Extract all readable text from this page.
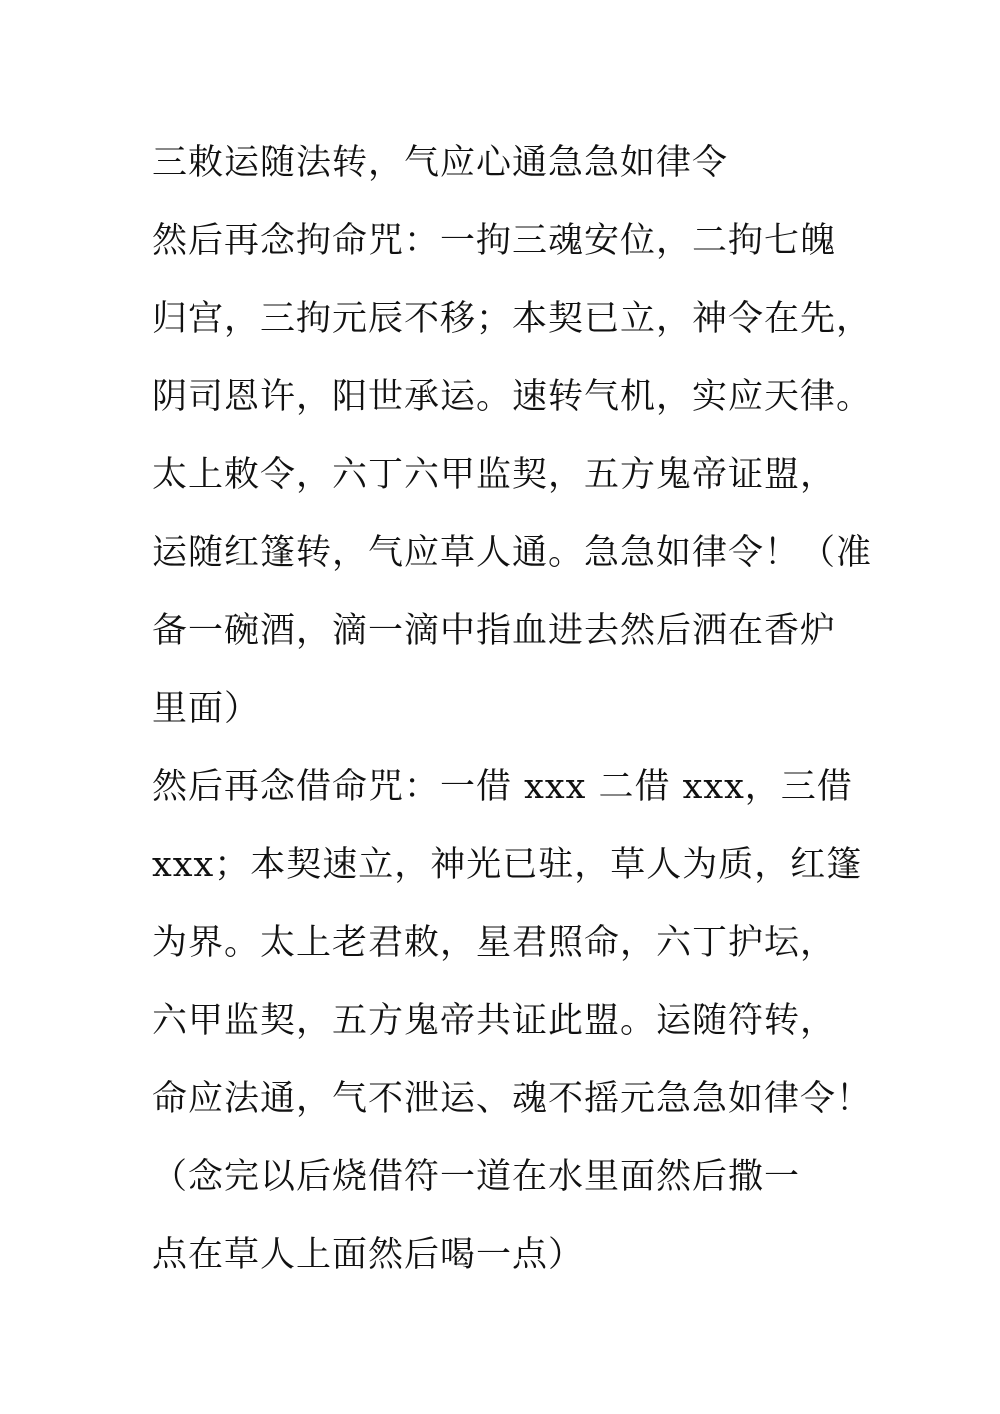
三敕运随法转，气应心通急急如律令
然后再念拘命咒：一拘三魂安位，二拘七魄
归宫，三拘元辰不移；本契已立，神令在先，
阴司恩许，阳世承运。速转气机，实应天律。
太上敕令，六丁六甲监契，五方鬼帝证盟，
运随红篷转，气应草人通。急急如律令！（准
备一碗酒，滴一滴中指血进去然后洒在香炉
里面）
然后再念借命咒：一借 xxx 二借 xxx，三借
xxx；本契速立，神光已驻，草人为质，红篷
为界。太上老君敕，星君照命，六丁护坛，
六甲监契，五方鬼帝共证此盟。运随符转，
命应法通，气不泄运、魂不摇元急急如律令！
（念完以后烧借符一道在水里面然后撒一
点在草人上面然后喝一点）
